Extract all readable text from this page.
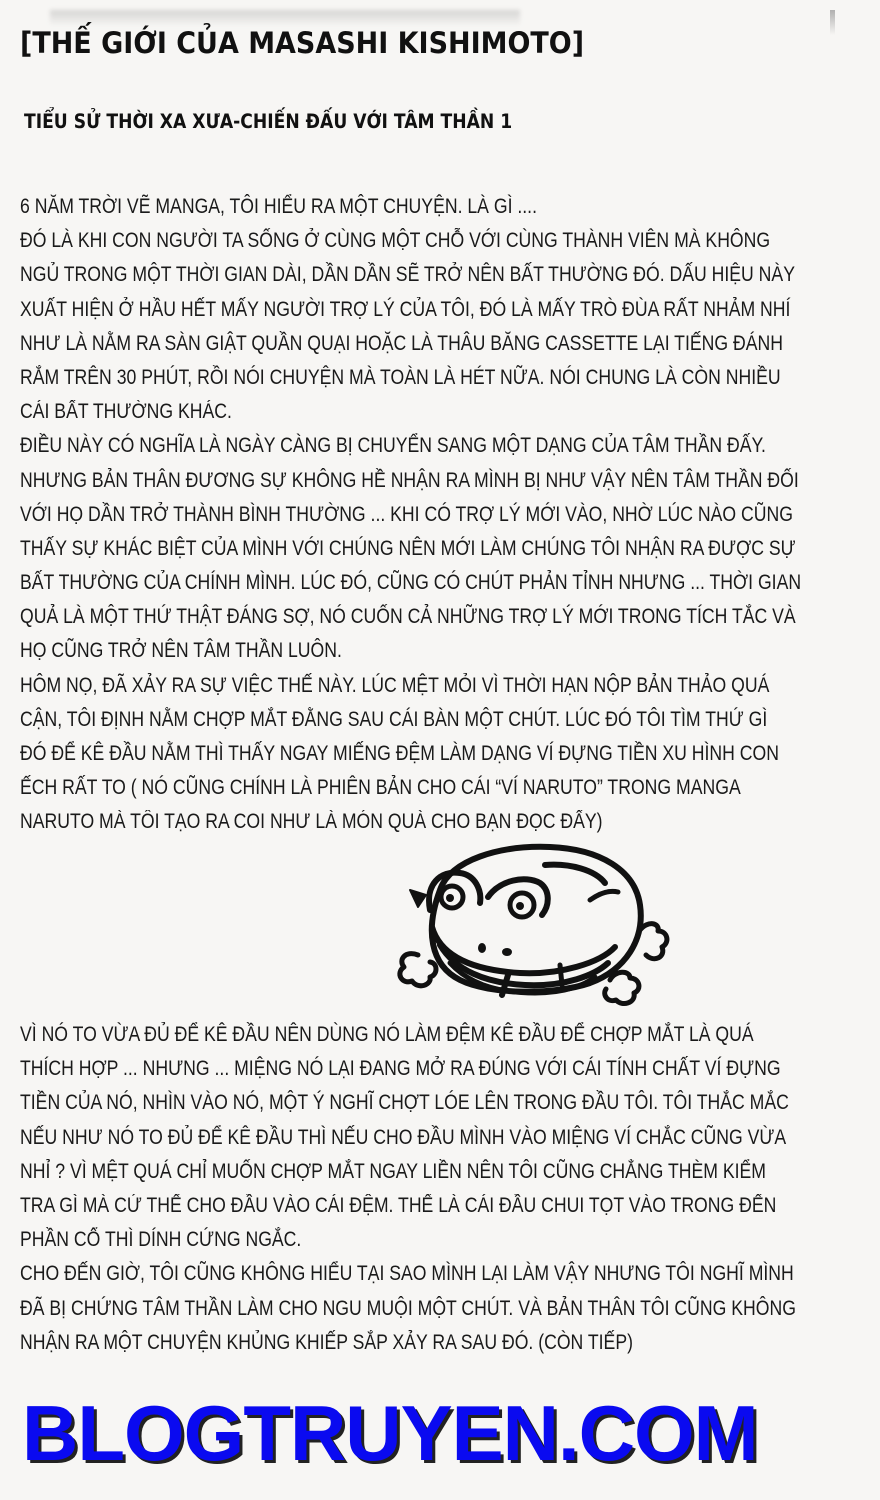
[THẾ GIỚI CỦA MASASHI KISHIMOTO]
TIỂU SỬ THỜI XA XƯA-CHIẾN ĐẤU VỚI TÂM THẦN 1
6 NĂM TRỜI VẼ MANGA, TÔI HIỂU RA MỘT CHUYỆN. LÀ GÌ ....
ĐÓ LÀ KHI CON NGƯỜI TA SỐNG Ở CÙNG MỘT CHỖ VỚI CÙNG THÀNH VIÊN MÀ KHÔNG
NGỦ TRONG MỘT THỜI GIAN DÀI, DẦN DẦN SẼ TRỞ NÊN BẤT THƯỜNG ĐÓ. DẤU HIỆU NÀY
XUẤT HIỆN Ở HẦU HẾT MẤY NGƯỜI TRỢ LÝ CỦA TÔI, ĐÓ LÀ MẤY TRÒ ĐÙA RẤT NHẢM NHÍ
NHƯ LÀ NẰM RA SÀN GIẬT QUẦN QUẠI HOẶC LÀ THÂU BĂNG CASSETTE LẠI TIẾNG ĐÁNH
RẮM TRÊN 30 PHÚT, RỒI NÓI CHUYỆN MÀ TOÀN LÀ HÉT NỮA. NÓI CHUNG LÀ CÒN NHIỀU
CÁI BẤT THƯỜNG KHÁC.
ĐIỀU NÀY CÓ NGHĨA LÀ NGÀY CÀNG BỊ CHUYỂN SANG MỘT DẠNG CỦA TÂM THẦN ĐẤY.
NHƯNG BẢN THÂN ĐƯƠNG SỰ KHÔNG HỀ NHẬN RA MÌNH BỊ NHƯ VẬY NÊN TÂM THẦN ĐỐI
VỚI HỌ DẦN TRỞ THÀNH BÌNH THƯỜNG ... KHI CÓ TRỢ LÝ MỚI VÀO, NHỜ LÚC NÀO CŨNG
THẤY SỰ KHÁC BIỆT CỦA MÌNH VỚI CHÚNG NÊN MỚI LÀM CHÚNG TÔI NHẬN RA ĐƯỢC SỰ
BẤT THƯỜNG CỦA CHÍNH MÌNH. LÚC ĐÓ, CŨNG CÓ CHÚT PHẢN TỈNH NHƯNG ... THỜI GIAN
QUẢ LÀ MỘT THỨ THẬT ĐÁNG SỢ, NÓ CUỐN CẢ NHỮNG TRỢ LÝ MỚI TRONG TÍCH TẮC VÀ
HỌ CŨNG TRỞ NÊN TÂM THẦN LUÔN.
HÔM NỌ, ĐÃ XẢY RA SỰ VIỆC THẾ NÀY. LÚC MỆT MỎI VÌ THỜI HẠN NỘP BẢN THẢO QUÁ
CẬN, TÔI ĐỊNH NẰM CHỢP MẮT ĐẰNG SAU CÁI BÀN MỘT CHÚT. LÚC ĐÓ TÔI TÌM THỨ GÌ
ĐÓ ĐỂ KÊ ĐẦU NẰM THÌ THẤY NGAY MIẾNG ĐỆM LÀM DẠNG VÍ ĐỰNG TIỀN XU HÌNH CON
ẾCH RẤT TO ( NÓ CŨNG CHÍNH LÀ PHIÊN BẢN CHO CÁI “VÍ NARUTO” TRONG MANGA
NARUTO MÀ TÔI TẠO RA COI NHƯ LÀ MÓN QUÀ CHO BẠN ĐỌC ĐẤY)
VÌ NÓ TO VỪA ĐỦ ĐỂ KÊ ĐẦU NÊN DÙNG NÓ LÀM ĐỆM KÊ ĐẦU ĐỂ CHỢP MẮT LÀ QUÁ
THÍCH HỢP ... NHƯNG ... MIỆNG NÓ LẠI ĐANG MỞ RA ĐÚNG VỚI CÁI TÍNH CHẤT VÍ ĐỰNG
TIỀN CỦA NÓ, NHÌN VÀO NÓ, MỘT Ý NGHĨ CHỢT LÓE LÊN TRONG ĐẦU TÔI. TÔI THẮC MẮC
NẾU NHƯ NÓ TO ĐỦ ĐỂ KÊ ĐẦU THÌ NẾU CHO ĐẦU MÌNH VÀO MIỆNG VÍ CHẮC CŨNG VỪA
NHỈ ? VÌ MỆT QUÁ CHỈ MUỐN CHỢP MẮT NGAY LIỀN NÊN TÔI CŨNG CHẲNG THÈM KIỂM
TRA GÌ MÀ CỨ THẾ CHO ĐẦU VÀO CÁI ĐỆM. THẾ LÀ CÁI ĐẦU CHUI TỌT VÀO TRONG ĐẾN
PHẦN CỔ THÌ DÍNH CỨNG NGẮC.
CHO ĐẾN GIỜ, TÔI CŨNG KHÔNG HIỂU TẠI SAO MÌNH LẠI LÀM VẬY NHƯNG TÔI NGHĨ MÌNH
ĐÃ BỊ CHỨNG TÂM THẦN LÀM CHO NGU MUỘI MỘT CHÚT. VÀ BẢN THÂN TÔI CŨNG KHÔNG
NHẬN RA MỘT CHUYỆN KHỦNG KHIẾP SẮP XẢY RA SAU ĐÓ. (CÒN TIẾP)
BLOGTRUYEN.COM
